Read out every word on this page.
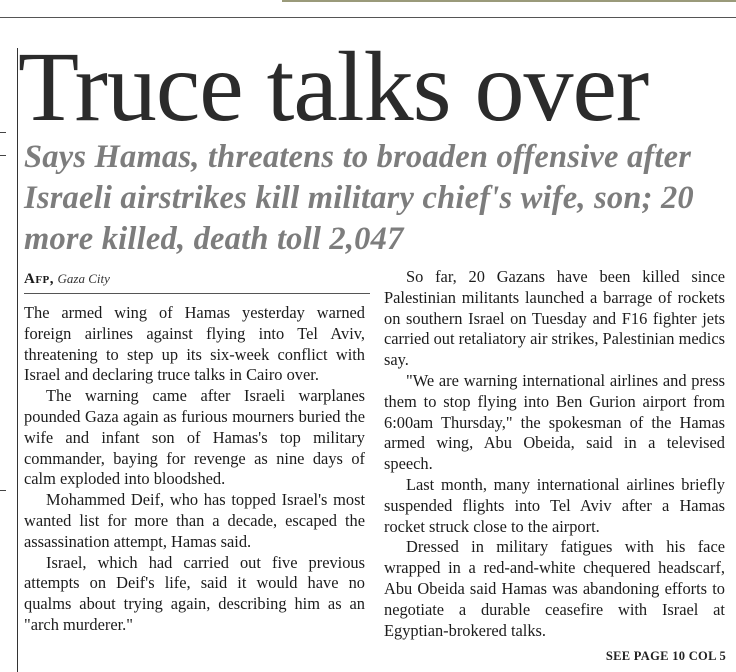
Truce talks over
Says Hamas, threatens to broaden offensive after Israeli airstrikes kill military chief's wife, son; 20 more killed, death toll 2,047
Afp, Gaza City

The armed wing of Hamas yesterday warned foreign airlines against flying into Tel Aviv, threatening to step up its six-week conflict with Israel and declaring truce talks in Cairo over.

The warning came after Israeli warplanes pounded Gaza again as furious mourners buried the wife and infant son of Hamas's top military commander, baying for revenge as nine days of calm exploded into bloodshed.

Mohammed Deif, who has topped Israel's most wanted list for more than a decade, escaped the assassination attempt, Hamas said.

Israel, which had carried out five previous attempts on Deif's life, said it would have no qualms about trying again, describing him as an "arch murderer."

So far, 20 Gazans have been killed since Palestinian militants launched a barrage of rockets on southern Israel on Tuesday and F16 fighter jets carried out retaliatory air strikes, Palestinian medics say.

"We are warning international airlines and press them to stop flying into Ben Gurion airport from 6:00am Thursday," the spokesman of the Hamas armed wing, Abu Obeida, said in a televised speech.

Last month, many international airlines briefly suspended flights into Tel Aviv after a Hamas rocket struck close to the airport.

Dressed in military fatigues with his face wrapped in a red-and-white chequered headscarf, Abu Obeida said Hamas was abandoning efforts to negotiate a durable ceasefire with Israel at Egyptian-brokered talks.

SEE PAGE 10 COL 5
